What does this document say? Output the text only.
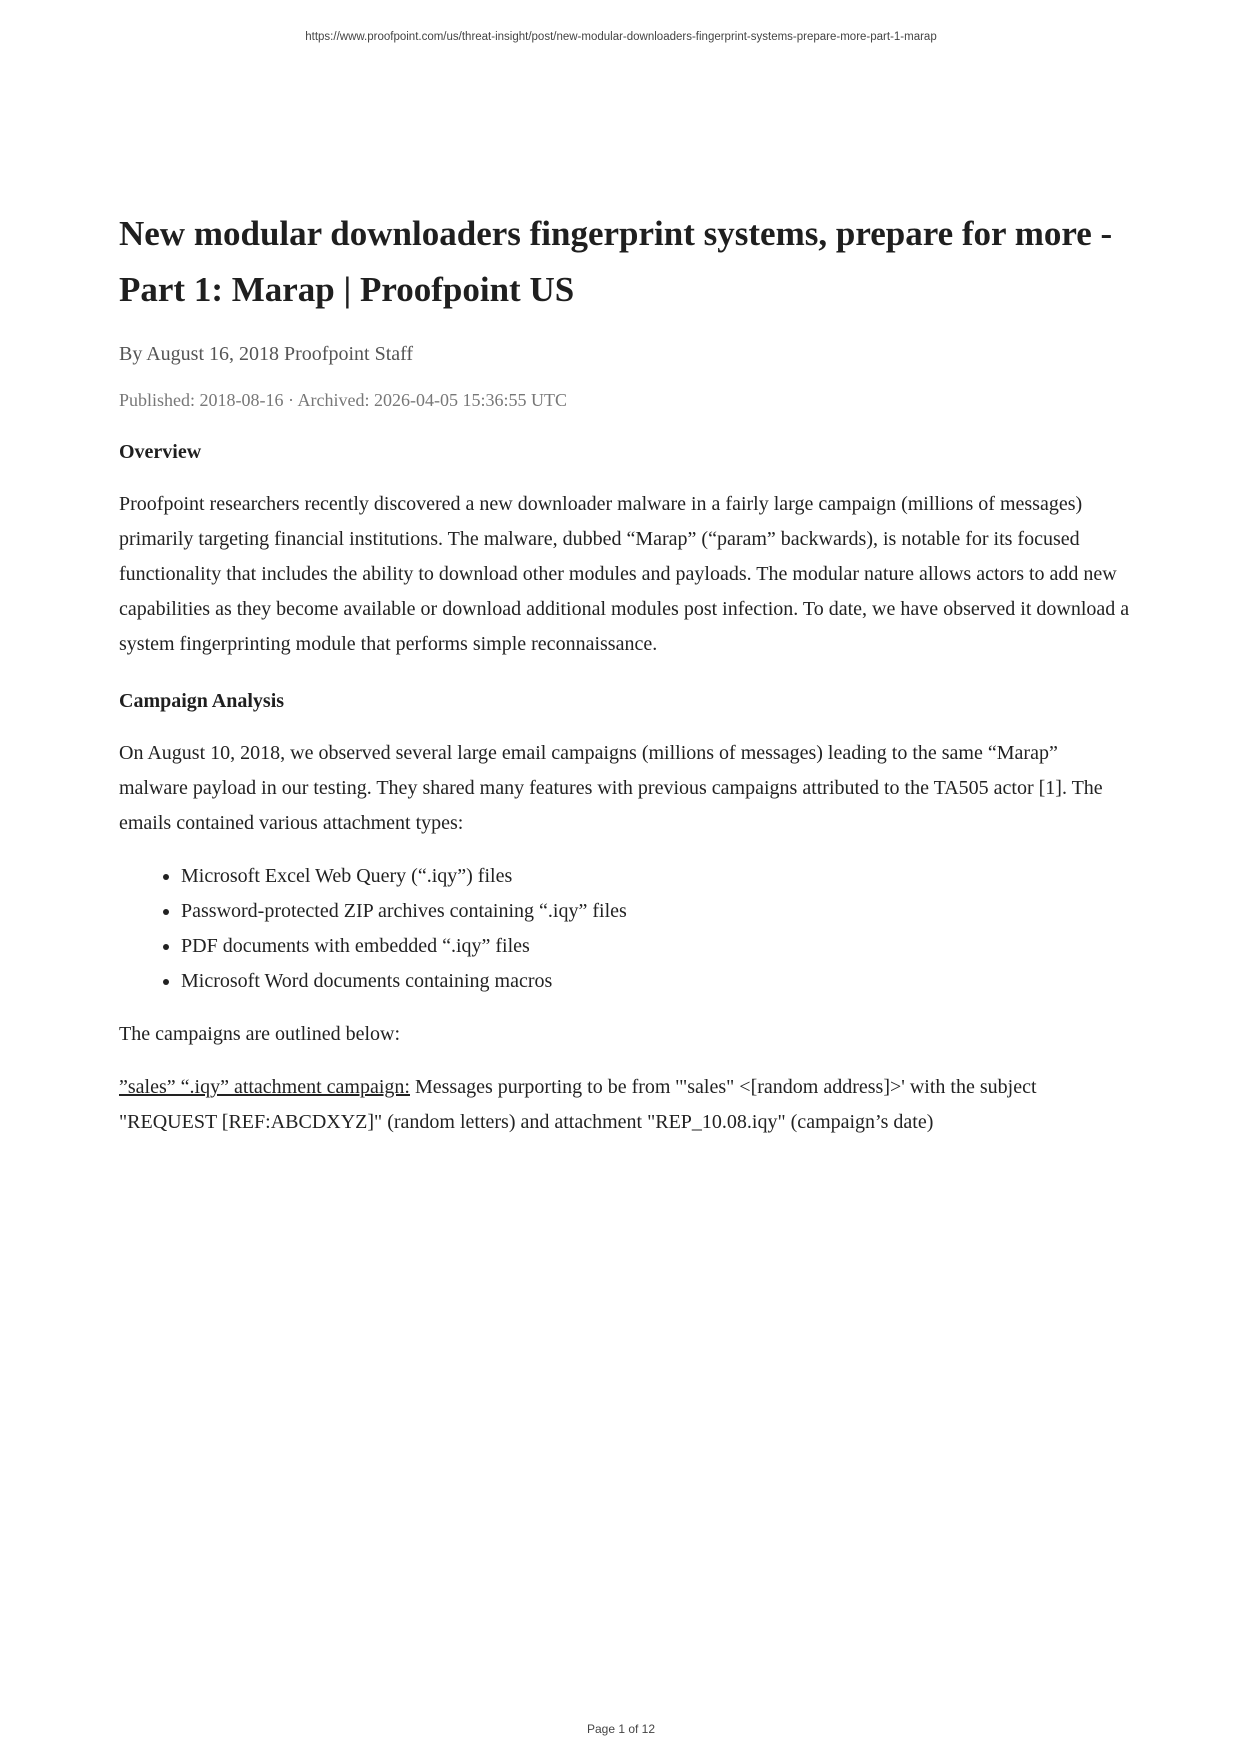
https://www.proofpoint.com/us/threat-insight/post/new-modular-downloaders-fingerprint-systems-prepare-more-part-1-marap
New modular downloaders fingerprint systems, prepare for more - Part 1: Marap | Proofpoint US
By August 16, 2018 Proofpoint Staff
Published: 2018-08-16 · Archived: 2026-04-05 15:36:55 UTC
Overview

Proofpoint researchers recently discovered a new downloader malware in a fairly large campaign (millions of messages) primarily targeting financial institutions. The malware, dubbed “Marap” (“param” backwards), is notable for its focused functionality that includes the ability to download other modules and payloads. The modular nature allows actors to add new capabilities as they become available or download additional modules post infection. To date, we have observed it download a system fingerprinting module that performs simple reconnaissance.

Campaign Analysis

On August 10, 2018, we observed several large email campaigns (millions of messages) leading to the same “Marap” malware payload in our testing. They shared many features with previous campaigns attributed to the TA505 actor [1]. The emails contained various attachment types:

• Microsoft Excel Web Query (“.iqy”) files
• Password-protected ZIP archives containing “.iqy” files
• PDF documents with embedded “.iqy” files
• Microsoft Word documents containing macros

The campaigns are outlined below:

”sales” “.iqy” attachment campaign: Messages purporting to be from '"sales" <[random address]>' with the subject "REQUEST [REF:ABCDXYZ]" (random letters) and attachment "REP_10.08.iqy" (campaign’s date)

Page 1 of 12
